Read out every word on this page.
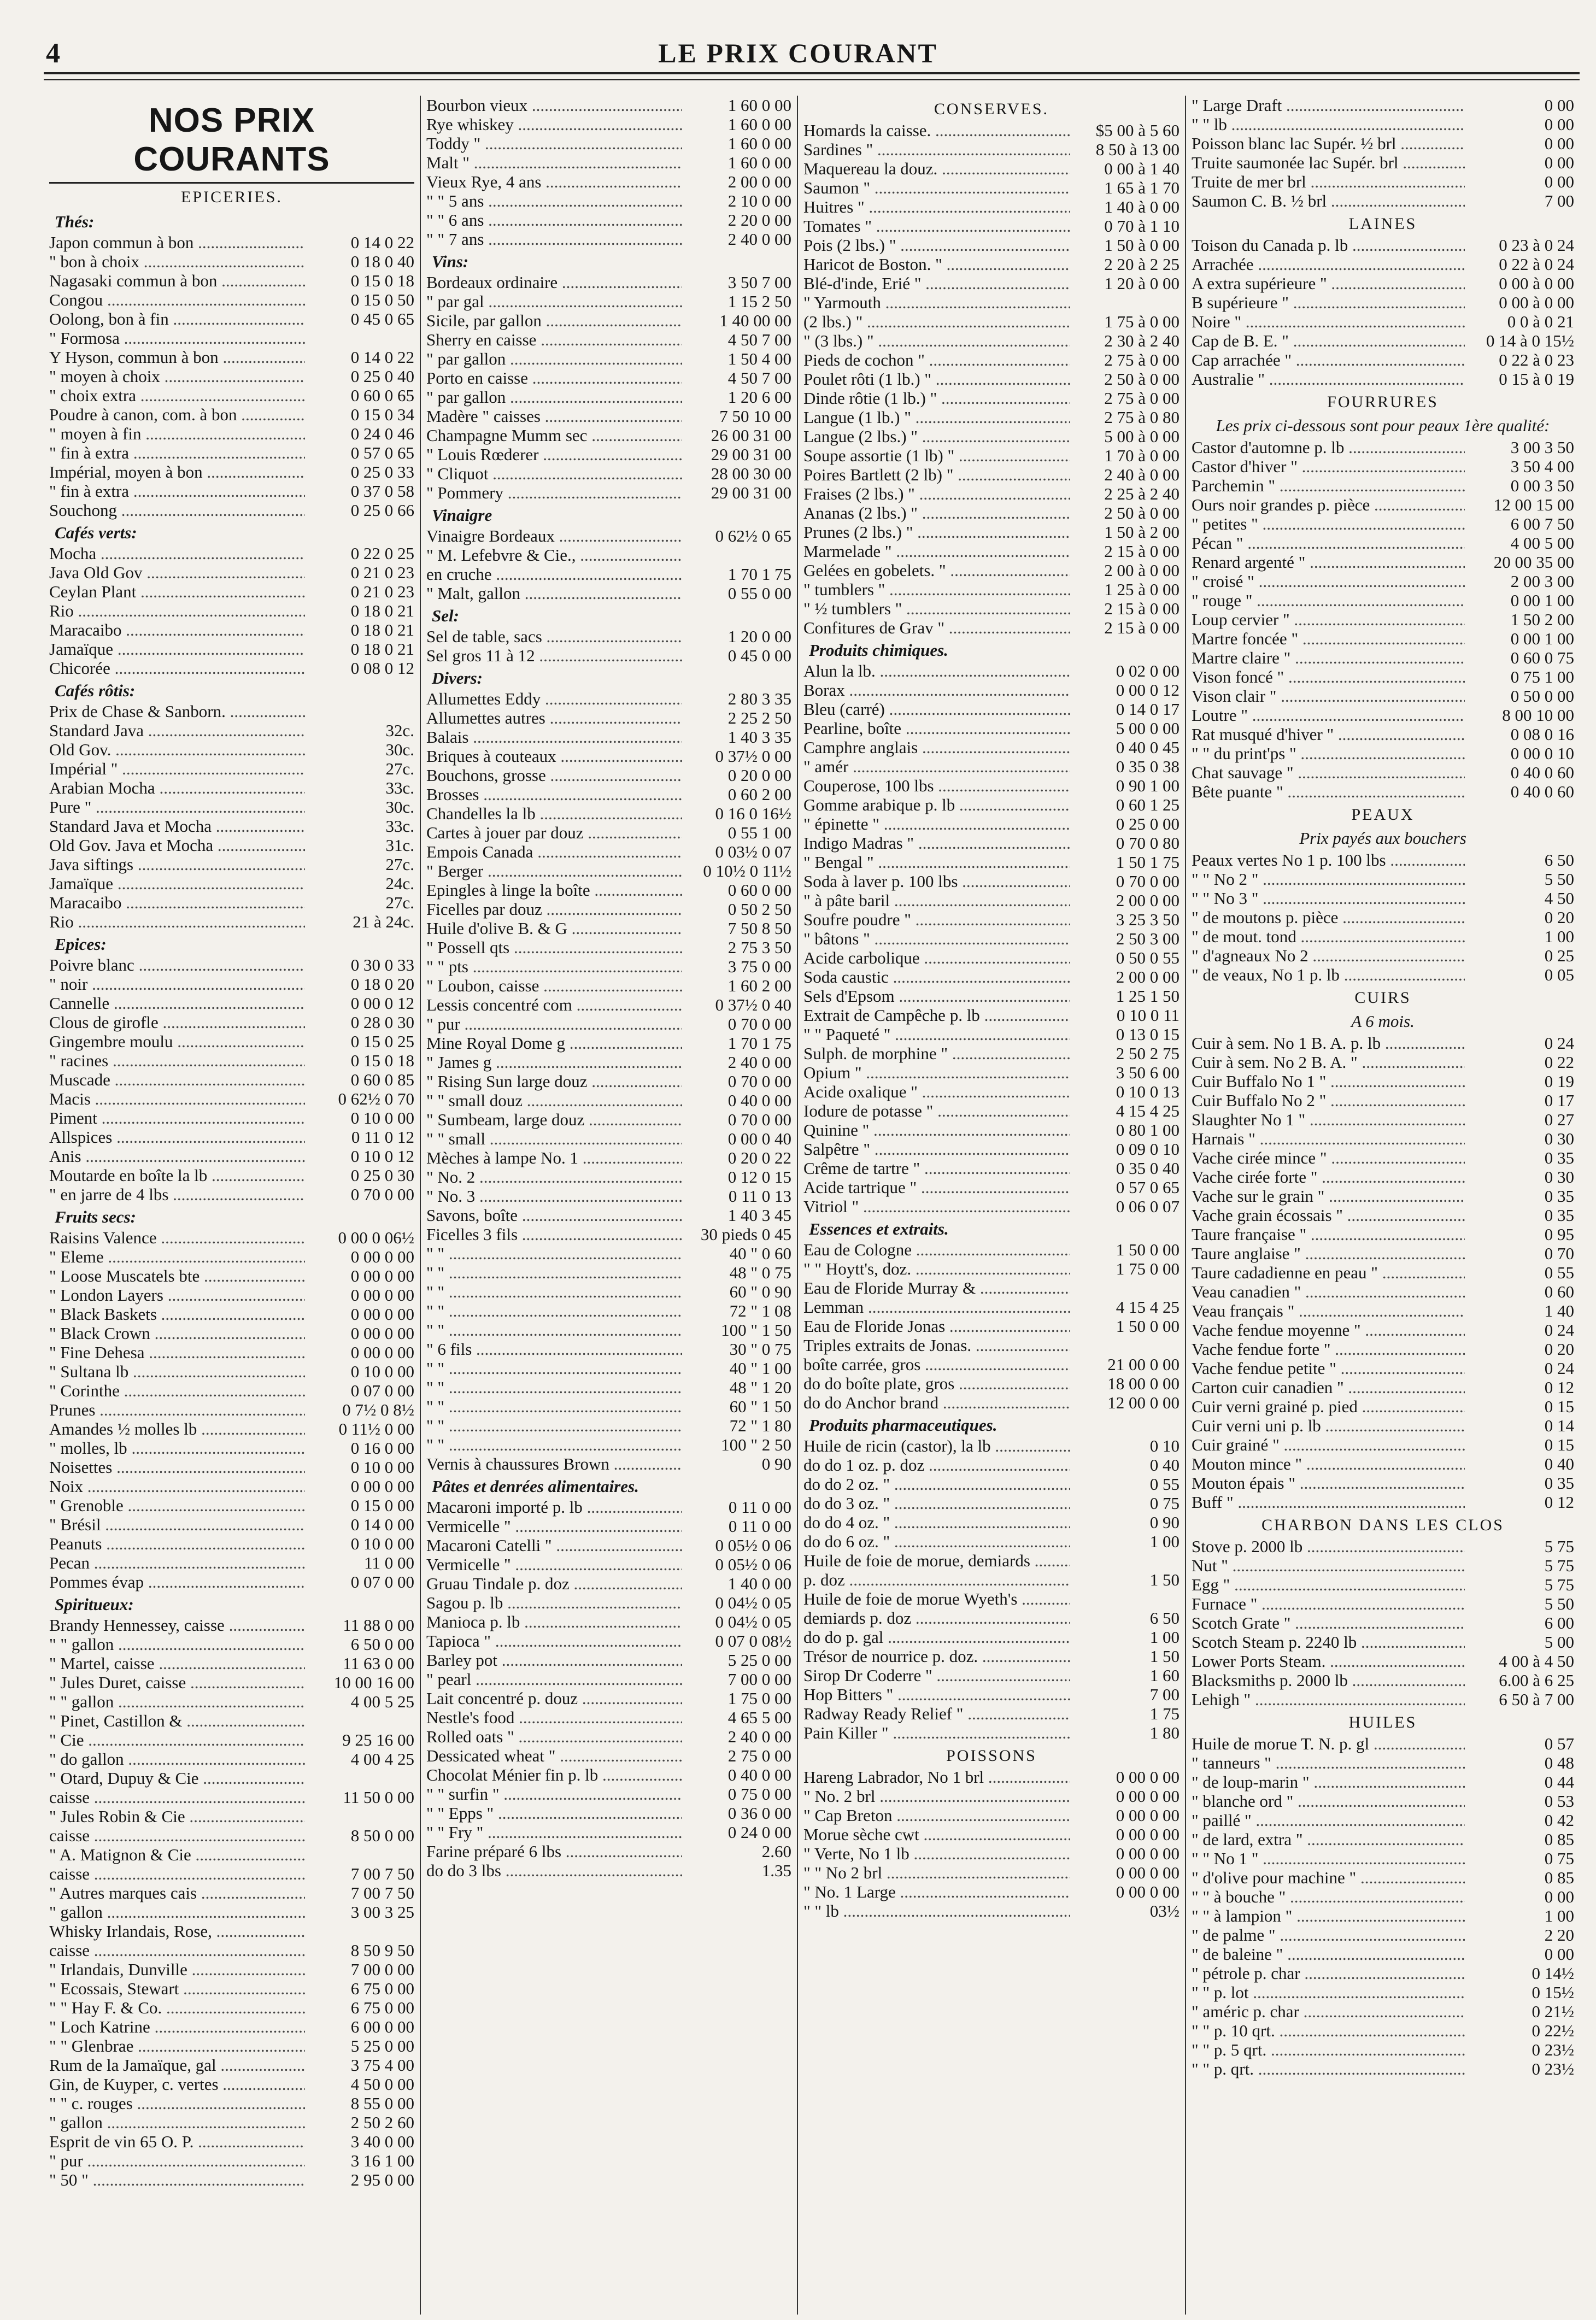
4	LE PRIX COURANT
NOS PRIX COURANTS
EPICERIES.
Thés:
Japon commun à bon .....	0 14 0 22
" bon à choix .....	0 18 0 40
Nagasaki commun à bon .....	0 15 0 18
Congou .....	0 15 0 50
Oolong, bon à fin .....	0 45 0 65
" Formosa .....
Y Hyson, commun à bon .....	0 14 0 22
" moyen à choix .....	0 25 0 40
" choix extra .....	0 60 0 65
Poudre à canon, com. à bon .....	0 15 0 34
" moyen à fin .....	0 24 0 46
" fin à extra .....	0 57 0 65
Impérial, moyen à bon .....	0 25 0 33
" fin à extra .....	0 37 0 58
Souchong .....	0 25 0 66
Cafés verts:
Mocha .....	0 22 0 25
Java Old Gov .....	0 21 0 23
Ceylan Plant .....	0 21 0 23
Rio .....	0 18 0 21
Maracaibo .....	0 18 0 21
Jamaïque .....	0 18 0 21
Chicorée .....	0 08 0 12
Cafés rôtis:
Prix de Chase & Sanborn. .....
Standard Java .....	32c.
Old Gov. .....	30c.
Impérial " .....	27c.
Arabian Mocha .....	33c.
Pure " .....	30c.
Standard Java et Mocha .....	33c.
Old Gov. Java et Mocha .....	31c.
Java siftings .....	27c.
Jamaïque .....	24c.
Maracaibo .....	27c.
Rio .....	21 à 24c.
Epices:
Poivre blanc .....	0 30 0 33
" noir .....	0 18 0 20
Cannelle .....	0 00 0 12
Clous de girofle .....	0 28 0 30
Gingembre moulu .....	0 15 0 25
" racines .....	0 15 0 18
Muscade .....	0 60 0 85
Macis .....	0 62½ 0 70
Piment .....	0 10 0 00
Allspices .....	0 11 0 12
Anis .....	0 10 0 12
Moutarde en boîte la lb .....	0 25 0 30
" en jarre de 4 lbs .....	0 70 0 00
Fruits secs:
Raisins Valence .....	0 00 0 06½
" Eleme .....	0 00 0 00
" Loose Muscatels bte .....	0 00 0 00
" London Layers .....	0 00 0 00
" Black Baskets .....	0 00 0 00
" Black Crown .....	0 00 0 00
" Fine Dehesa .....	0 00 0 00
" Sultana lb .....	0 10 0 00
" Corinthe .....	0 07 0 00
Prunes .....	0 7½ 0 8½
Amandes ½ molles lb .....	0 11½ 0 00
" molles, lb .....	0 16 0 00
Noisettes .....	0 10 0 00
Noix .....	0 00 0 00
" Grenoble .....	0 15 0 00
" Brésil .....	0 14 0 00
Peanuts .....	0 10 0 00
Pecan .....	11 0 00
Pommes évap .....	0 07 0 00
Spiritueux:
Brandy Hennessey, caisse .....	11 88 0 00
" " gallon .....	6 50 0 00
" Martel, caisse .....	11 63 0 00
" Jules Duret, caisse .....	10 00 16 00
" " gallon .....	4 00 5 25
" Pinet, Castillon & .....
" Cie .....	9 25 16 00
" do gallon .....	4 00 4 25
" Otard, Dupuy & Cie .....
caisse .....	11 50 0 00
" Jules Robin & Cie .....
caisse .....	8 50 0 00
" A. Matignon & Cie .....
caisse .....	7 00 7 50
" Autres marques cais .....	7 00 7 50
" gallon .....	3 00 3 25
Whisky Irlandais, Rose, .....
caisse .....	8 50 9 50
" Irlandais, Dunville .....	7 00 0 00
" Ecossais, Stewart .....	6 75 0 00
" " Hay F. & Co. .....	6 75 0 00
" Loch Katrine .....	6 00 0 00
" " Glenbrae .....	5 25 0 00
Rum de la Jamaïque, gal .....	3 75 4 00
Gin, de Kuyper, c. vertes .....	4 50 0 00
" " c. rouges .....	8 55 0 00
" gallon .....	2 50 2 60
Esprit de vin 65 O. P. .....	3 40 0 00
" pur .....	3 16 1 00
" 50 " .....	2 95 0 00
Bourbon vieux .....	1 60 0 00
Rye whiskey .....	1 60 0 00
Toddy " .....	1 60 0 00
Malt " .....	1 60 0 00
Vieux Rye, 4 ans .....	2 00 0 00
" " 5 ans .....	2 10 0 00
" " 6 ans .....	2 20 0 00
" " 7 ans .....	2 40 0 00
Vins:
Bordeaux ordinaire .....	3 50 7 00
" par gal .....	1 15 2 50
Sicile, par gallon .....	1 40 00 00
Sherry en caisse .....	4 50 7 00
" par gallon .....	1 50 4 00
Porto en caisse .....	4 50 7 00
" par gallon .....	1 20 6 00
Madère " caisses .....	7 50 10 00
Champagne Mumm sec .....	26 00 31 00
" Louis Rœderer .....	29 00 31 00
" Cliquot .....	28 00 30 00
" Pommery .....	29 00 31 00
Vinaigre
Vinaigre Bordeaux .....	0 62½ 0 65
" M. Lefebvre & Cie., .....
en cruche .....	1 70 1 75
" Malt, gallon .....	0 55 0 00
Sel:
Sel de table, sacs .....	1 20 0 00
Sel gros 11 à 12 .....	0 45 0 00
Divers:
Allumettes Eddy .....	2 80 3 35
Allumettes autres .....	2 25 2 50
Balais .....	1 40 3 35
Briques à couteaux .....	0 37½ 0 00
Bouchons, grosse .....	0 20 0 00
Brosses .....	0 60 2 00
Chandelles la lb .....	0 16 0 16½
Cartes à jouer par douz .....	0 55 1 00
Empois Canada .....	0 03½ 0 07
" Berger .....	0 10½ 0 11½
Epingles à linge la boîte .....	0 60 0 00
Ficelles par douz .....	0 50 2 50
Huile d'olive B. & G .....	7 50 8 50
" Possell qts .....	2 75 3 50
" " pts .....	3 75 0 00
" Loubon, caisse .....	1 60 2 00
Lessis concentré com .....	0 37½ 0 40
" pur .....	0 70 0 00
Mine Royal Dome g .....	1 70 1 75
" James g .....	2 40 0 00
" Rising Sun large douz .....	0 70 0 00
" " small douz .....	0 40 0 00
" Sumbeam, large douz .....	0 70 0 00
" " small .....	0 00 0 40
Mèches à lampe No. 1 .....	0 20 0 22
" No. 2 .....	0 12 0 15
" No. 3 .....	0 11 0 13
Savons, boîte .....	1 40 3 45
Ficelles 3 fils .....	30 pieds 0 45
" " .....	40 " 0 60
" " .....	48 " 0 75
" " .....	60 " 0 90
" " .....	72 " 1 08
" " .....	100 " 1 50
" 6 fils .....	30 " 0 75
" " .....	40 " 1 00
" " .....	48 " 1 20
" " .....	60 " 1 50
" " .....	72 " 1 80
" " .....	100 " 2 50
Vernis à chaussures Brown .....	0 90
Pâtes et denrées alimentaires.
Macaroni importé p. lb .....	0 11 0 00
Vermicelle " .....	0 11 0 00
Macaroni Catelli " .....	0 05½ 0 06
Vermicelle " .....	0 05½ 0 06
Gruau Tindale p. doz .....	1 40 0 00
Sagou p. lb .....	0 04½ 0 05
Manioca p. lb .....	0 04½ 0 05
Tapioca " .....	0 07 0 08½
Barley pot .....	5 25 0 00
" pearl .....	7 00 0 00
Lait concentré p. douz .....	1 75 0 00
Nestle's food .....	4 65 5 00
Rolled oats " .....	2 40 0 00
Dessicated wheat " .....	2 75 0 00
Chocolat Ménier fin p. lb .....	0 40 0 00
" " surfin " .....	0 75 0 00
" " Epps " .....	0 36 0 00
" " Fry " .....	0 24 0 00
Farine préparé 6 lbs .....	2.60
do do 3 lbs .....	1.35
CONSERVES.
Homards la caisse. .....	$5 00 à 5 60
Sardines " .....	8 50 à 13 00
Maquereau la douz. .....	0 00 à 1 40
Saumon " .....	1 65 à 1 70
Huitres " .....	1 40 à 0 00
Tomates " .....	0 70 à 1 10
Pois (2 lbs.) " .....	1 50 à 0 00
Haricot de Boston. " .....	2 20 à 2 25
Blé-d'inde, Erié " .....	1 20 à 0 00
" Yarmouth .....
(2 lbs.) " .....	1 75 à 0 00
" (3 lbs.) " .....	2 30 à 2 40
Pieds de cochon " .....	2 75 à 0 00
Poulet rôti (1 lb.) " .....	2 50 à 0 00
Dinde rôtie (1 lb.) " .....	2 75 à 0 00
Langue (1 lb.) " .....	2 75 à 0 80
Langue (2 lbs.) " .....	5 00 à 0 00
Soupe assortie (1 lb) " .....	1 70 à 0 00
Poires Bartlett (2 lb) " .....	2 40 à 0 00
Fraises (2 lbs.) " .....	2 25 à 2 40
Ananas (2 lbs.) " .....	2 50 à 0 00
Prunes (2 lbs.) " .....	1 50 à 2 00
Marmelade " .....	2 15 à 0 00
Gelées en gobelets. " .....	2 00 à 0 00
" tumblers " .....	1 25 à 0 00
" ½ tumblers " .....	2 15 à 0 00
Confitures de Grav " .....	2 15 à 0 00
Produits chimiques.
Alun la lb. .....	0 02 0 00
Borax .....	0 00 0 12
Bleu (carré) .....	0 14 0 17
Pearline, boîte .....	5 00 0 00
Camphre anglais .....	0 40 0 45
" amér .....	0 35 0 38
Couperose, 100 lbs .....	0 90 1 00
Gomme arabique p. lb .....	0 60 1 25
" épinette " .....	0 25 0 00
Indigo Madras " .....	0 70 0 80
" Bengal " .....	1 50 1 75
Soda à laver p. 100 lbs .....	0 70 0 00
" à pâte baril .....	2 00 0 00
Soufre poudre " .....	3 25 3 50
" bâtons " .....	2 50 3 00
Acide carbolique .....	0 50 0 55
Soda caustic .....	2 00 0 00
Sels d'Epsom .....	1 25 1 50
Extrait de Campêche p. lb .....	0 10 0 11
" " Paqueté " .....	0 13 0 15
Sulph. de morphine " .....	2 50 2 75
Opium " .....	3 50 6 00
Acide oxalique " .....	0 10 0 13
Iodure de potasse " .....	4 15 4 25
Quinine " .....	0 80 1 00
Salpêtre " .....	0 09 0 10
Crême de tartre " .....	0 35 0 40
Acide tartrique " .....	0 57 0 65
Vitriol " .....	0 06 0 07
Essences et extraits.
Eau de Cologne .....	1 50 0 00
" " Hoytt's, doz. .....	1 75 0 00
Eau de Floride Murray & .....
Lemman .....	4 15 4 25
Eau de Floride Jonas .....	1 50 0 00
Triples extraits de Jonas. .....
boîte carrée, gros .....	21 00 0 00
do do boîte plate, gros .....	18 00 0 00
do do Anchor brand .....	12 00 0 00
Produits pharmaceutiques.
Huile de ricin (castor), la lb .....	0 10
do do 1 oz. p. doz .....	0 40
do do 2 oz. " .....	0 55
do do 3 oz. " .....	0 75
do do 4 oz. " .....	0 90
do do 6 oz. " .....	1 00
Huile de foie de morue, demiards .....
p. doz .....	1 50
Huile de foie de morue Wyeth's .....
demiards p. doz .....	6 50
do do p. gal .....	1 00
Trésor de nourrice p. doz. .....	1 50
Sirop Dr Coderre " .....	1 60
Hop Bitters " .....	7 00
Radway Ready Relief " .....	1 75
Pain Killer " .....	1 80
POISSONS
Hareng Labrador, No 1 brl .....	0 00 0 00
" No. 2 brl .....	0 00 0 00
" Cap Breton .....	0 00 0 00
Morue sèche cwt .....	0 00 0 00
" Verte, No 1 lb .....	0 00 0 00
" " No 2 brl .....	0 00 0 00
" No. 1 Large .....	0 00 0 00
" " lb .....	03½
" Large Draft .....	0 00
" " lb .....	0 00
Poisson blanc lac Supér. ½ brl .....	0 00
Truite saumonée lac Supér. brl .....	0 00
Truite de mer brl .....	0 00
Saumon C. B. ½ brl .....	7 00
LAINES
Toison du Canada p. lb .....	0 23 à 0 24
Arrachée .....	0 22 à 0 24
A extra supérieure " .....	0 00 à 0 00
B supérieure " .....	0 00 à 0 00
Noire " .....	0 0 à 0 21
Cap de B. E. " .....	0 14 à 0 15½
Cap arrachée " .....	0 22 à 0 23
Australie " .....	0 15 à 0 19
FOURRURES
Les prix ci-dessous sont pour peaux 1ère qualité:
Castor d'automne p. lb .....	3 00 3 50
Castor d'hiver " .....	3 50 4 00
Parchemin " .....	0 00 3 50
Ours noir grandes p. pièce .....	12 00 15 00
" petites " .....	6 00 7 50
Pécan " .....	4 00 5 00
Renard argenté " .....	20 00 35 00
" croisé " .....	2 00 3 00
" rouge " .....	0 00 1 00
Loup cervier " .....	1 50 2 00
Martre foncée " .....	0 00 1 00
Martre claire " .....	0 60 0 75
Vison foncé " .....	0 75 1 00
Vison clair " .....	0 50 0 00
Loutre " .....	8 00 10 00
Rat musqué d'hiver " .....	0 08 0 16
" " du print'ps " .....	0 00 0 10
Chat sauvage " .....	0 40 0 60
Bête puante " .....	0 40 0 60
PEAUX
Prix payés aux bouchers
Peaux vertes No 1 p. 100 lbs .....	6 50
" " No 2 " .....	5 50
" " No 3 " .....	4 50
" de moutons p. pièce .....	0 20
" de mout. tond .....	1 00
" d'agneaux No 2 .....	0 25
" de veaux, No 1 p. lb .....	0 05
CUIRS
A 6 mois.
Cuir à sem. No 1 B. A. p. lb .....	0 24
Cuir à sem. No 2 B. A. " .....	0 22
Cuir Buffalo No 1 " .....	0 19
Cuir Buffalo No 2 " .....	0 17
Slaughter No 1 " .....	0 27
Harnais " .....	0 30
Vache cirée mince " .....	0 35
Vache cirée forte " .....	0 30
Vache sur le grain " .....	0 35
Vache grain écossais " .....	0 35
Taure française " .....	0 95
Taure anglaise " .....	0 70
Taure cadadienne en peau " .....	0 55
Veau canadien " .....	0 60
Veau français " .....	1 40
Vache fendue moyenne " .....	0 24
Vache fendue forte " .....	0 20
Vache fendue petite " .....	0 24
Carton cuir canadien " .....	0 12
Cuir verni grainé p. pied .....	0 15
Cuir verni uni p. lb .....	0 14
Cuir grainé " .....	0 15
Mouton mince " .....	0 40
Mouton épais " .....	0 35
Buff " .....	0 12
CHARBON DANS LES CLOS
Stove p. 2000 lb .....	5 75
Nut " .....	5 75
Egg " .....	5 75
Furnace " .....	5 50
Scotch Grate " .....	6 00
Scotch Steam p. 2240 lb .....	5 00
Lower Ports Steam. .....	4 00 à 4 50
Blacksmiths p. 2000 lb .....	6.00 à 6 25
Lehigh " .....	6 50 à 7 00
HUILES
Huile de morue T. N. p. gl .....	0 57
" tanneurs " .....	0 48
" de loup-marin " .....	0 44
" blanche ord " .....	0 53
" paillé " .....	0 42
" de lard, extra " .....	0 85
" " No 1 " .....	0 75
" d'olive pour machine " .....	0 85
" " à bouche " .....	0 00
" " à lampion " .....	1 00
" de palme " .....	2 20
" de baleine " .....	0 00
" pétrole p. char .....	0 14½
" " p. lot .....	0 15½
" améric p. char .....	0 21½
" " p. 10 qrt. .....	0 22½
" " p. 5 qrt. .....	0 23½
" " p. qrt. .....	0 23½
